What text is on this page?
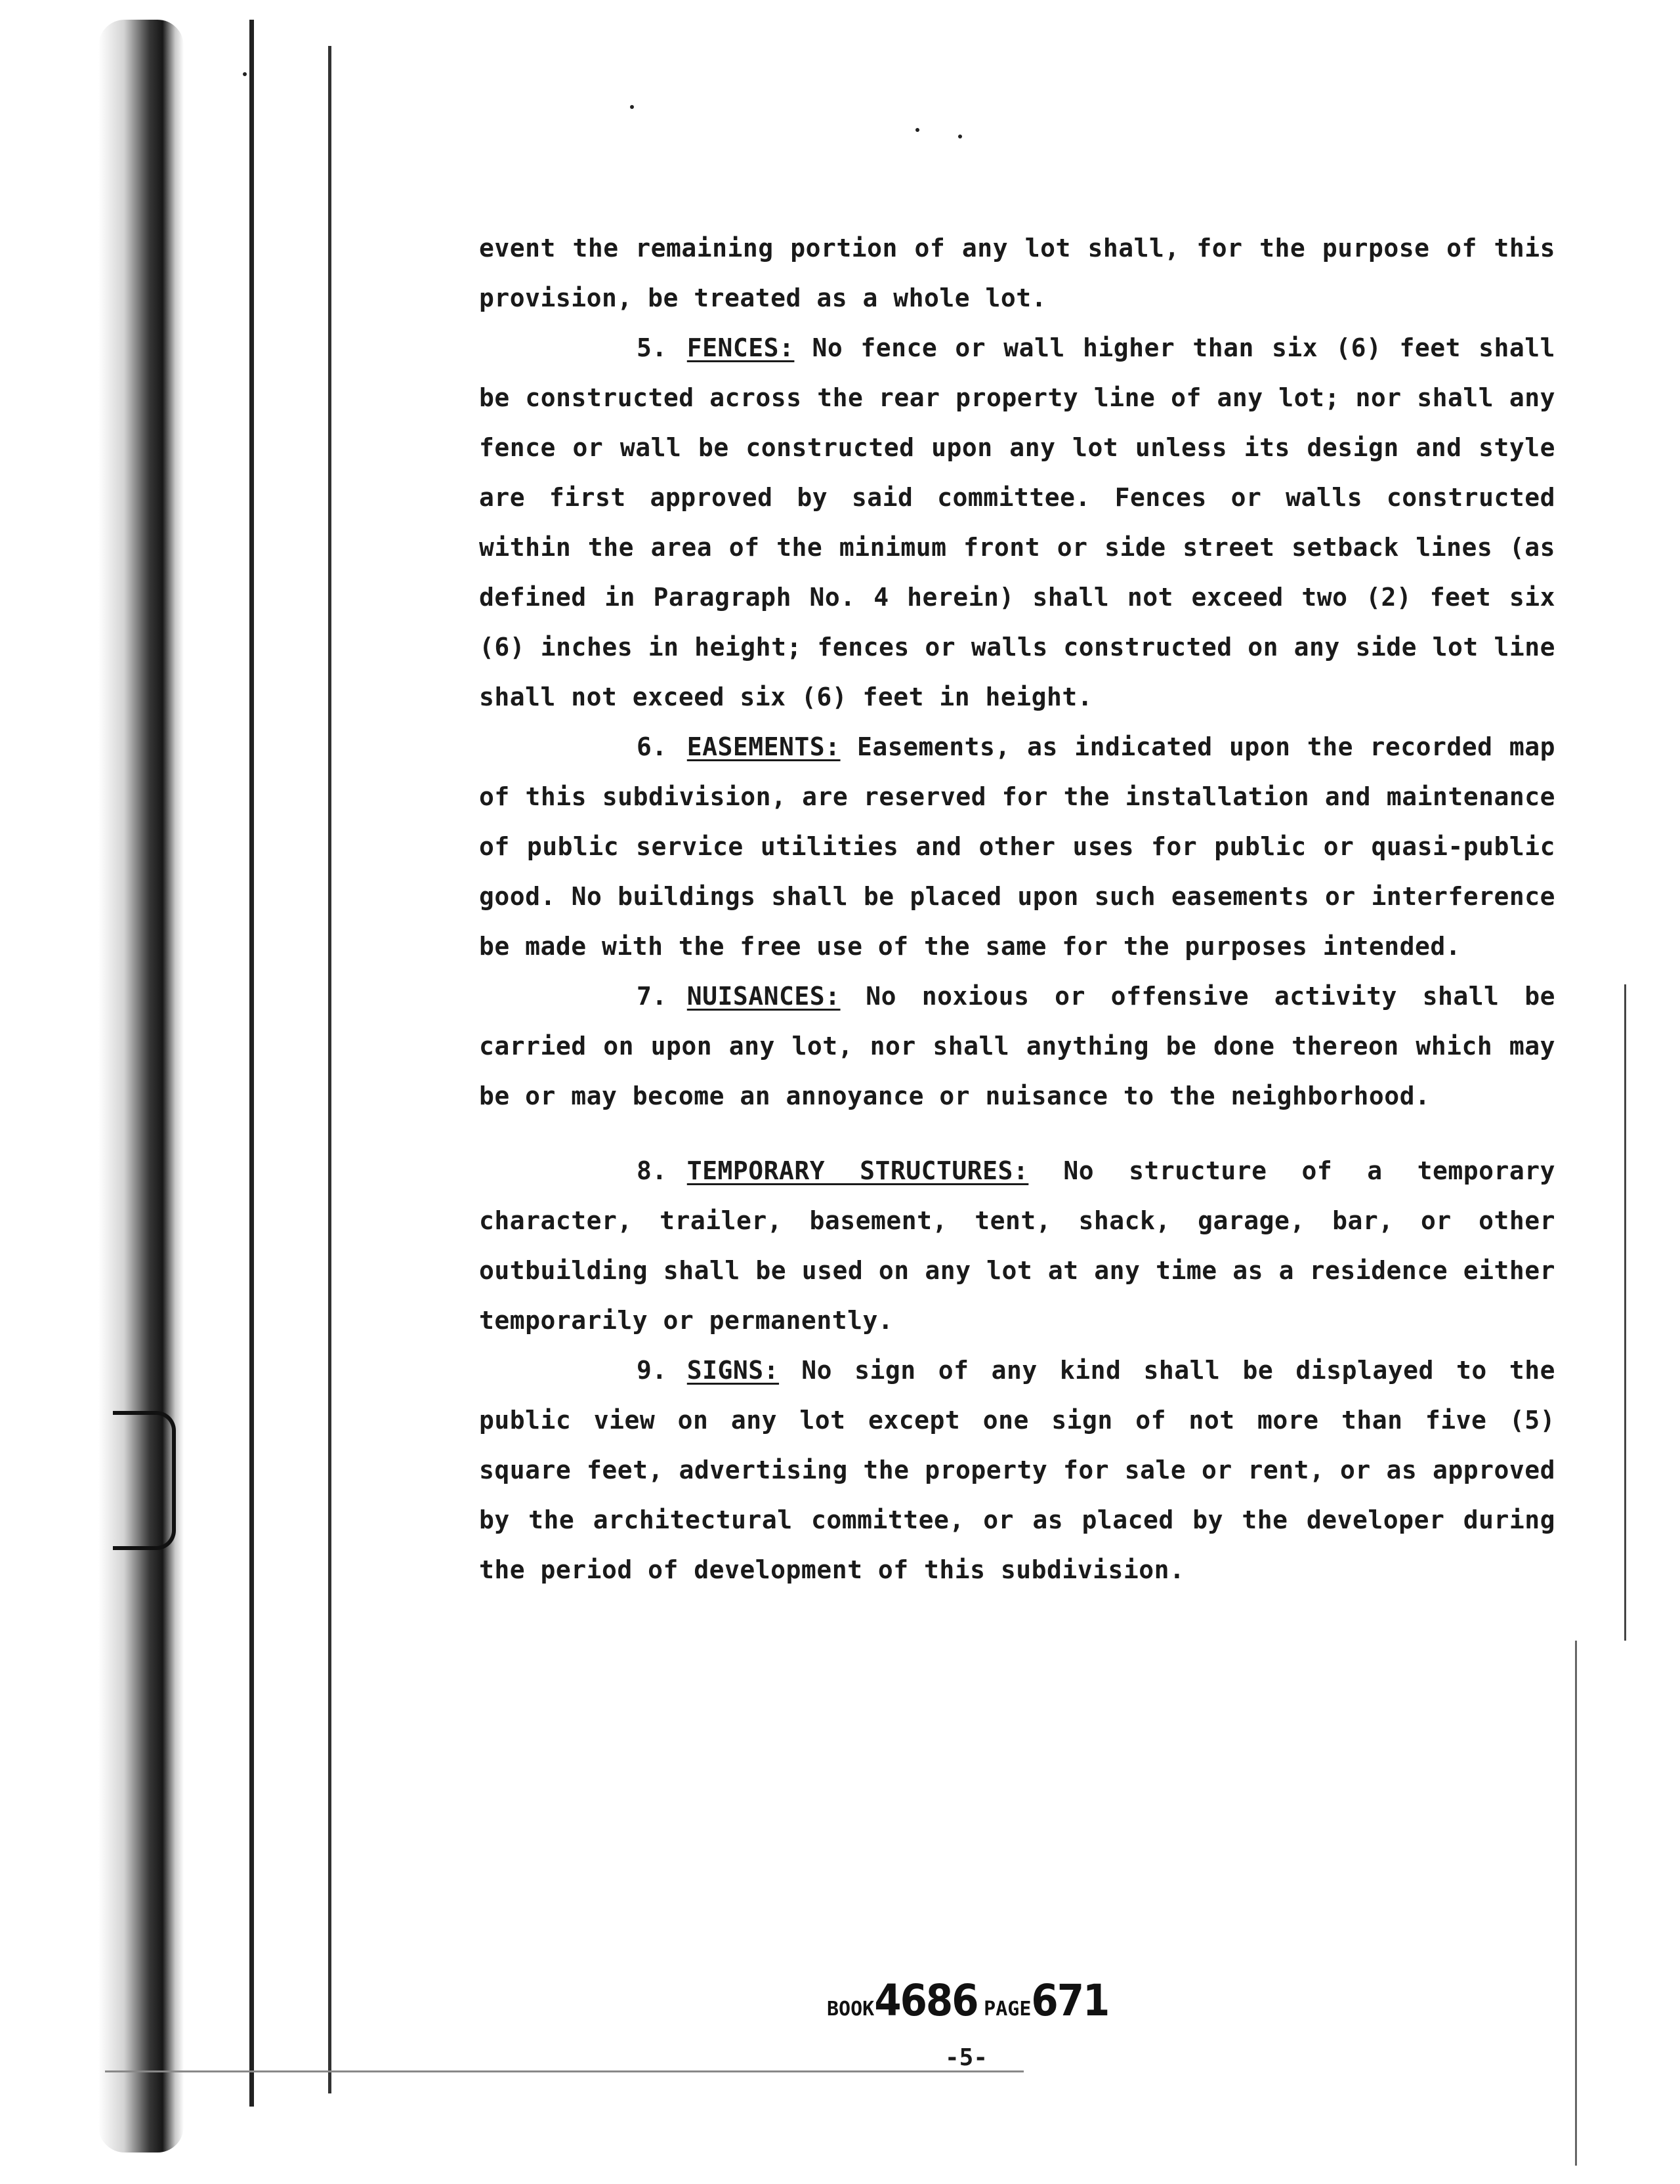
event the remaining portion of any lot shall, for the purpose of this provision, be treated as a whole lot.

5. FENCES: No fence or wall higher than six (6) feet shall be constructed across the rear property line of any lot; nor shall any fence or wall be constructed upon any lot unless its design and style are first approved by said committee. Fences or walls constructed within the area of the minimum front or side street setback lines (as defined in Paragraph No. 4 herein) shall not exceed two (2) feet six (6) inches in height; fences or walls constructed on any side lot line shall not exceed six (6) feet in height.

6. EASEMENTS: Easements, as indicated upon the recorded map of this subdivision, are reserved for the installation and maintenance of public service utilities and other uses for public or quasi-public good. No buildings shall be placed upon such easements or interference be made with the free use of the same for the purposes intended.

7. NUISANCES: No noxious or offensive activity shall be carried on upon any lot, nor shall anything be done thereon which may be or may become an annoyance or nuisance to the neighborhood.

8. TEMPORARY STRUCTURES: No structure of a temporary character, trailer, basement, tent, shack, garage, bar, or other outbuilding shall be used on any lot at any time as a residence either temporarily or permanently.

9. SIGNS: No sign of any kind shall be displayed to the public view on any lot except one sign of not more than five (5) square feet, advertising the property for sale or rent, or as approved by the architectural committee, or as placed by the developer during the period of development of this subdivision.

BOOK4686 PAGE671
-5-
